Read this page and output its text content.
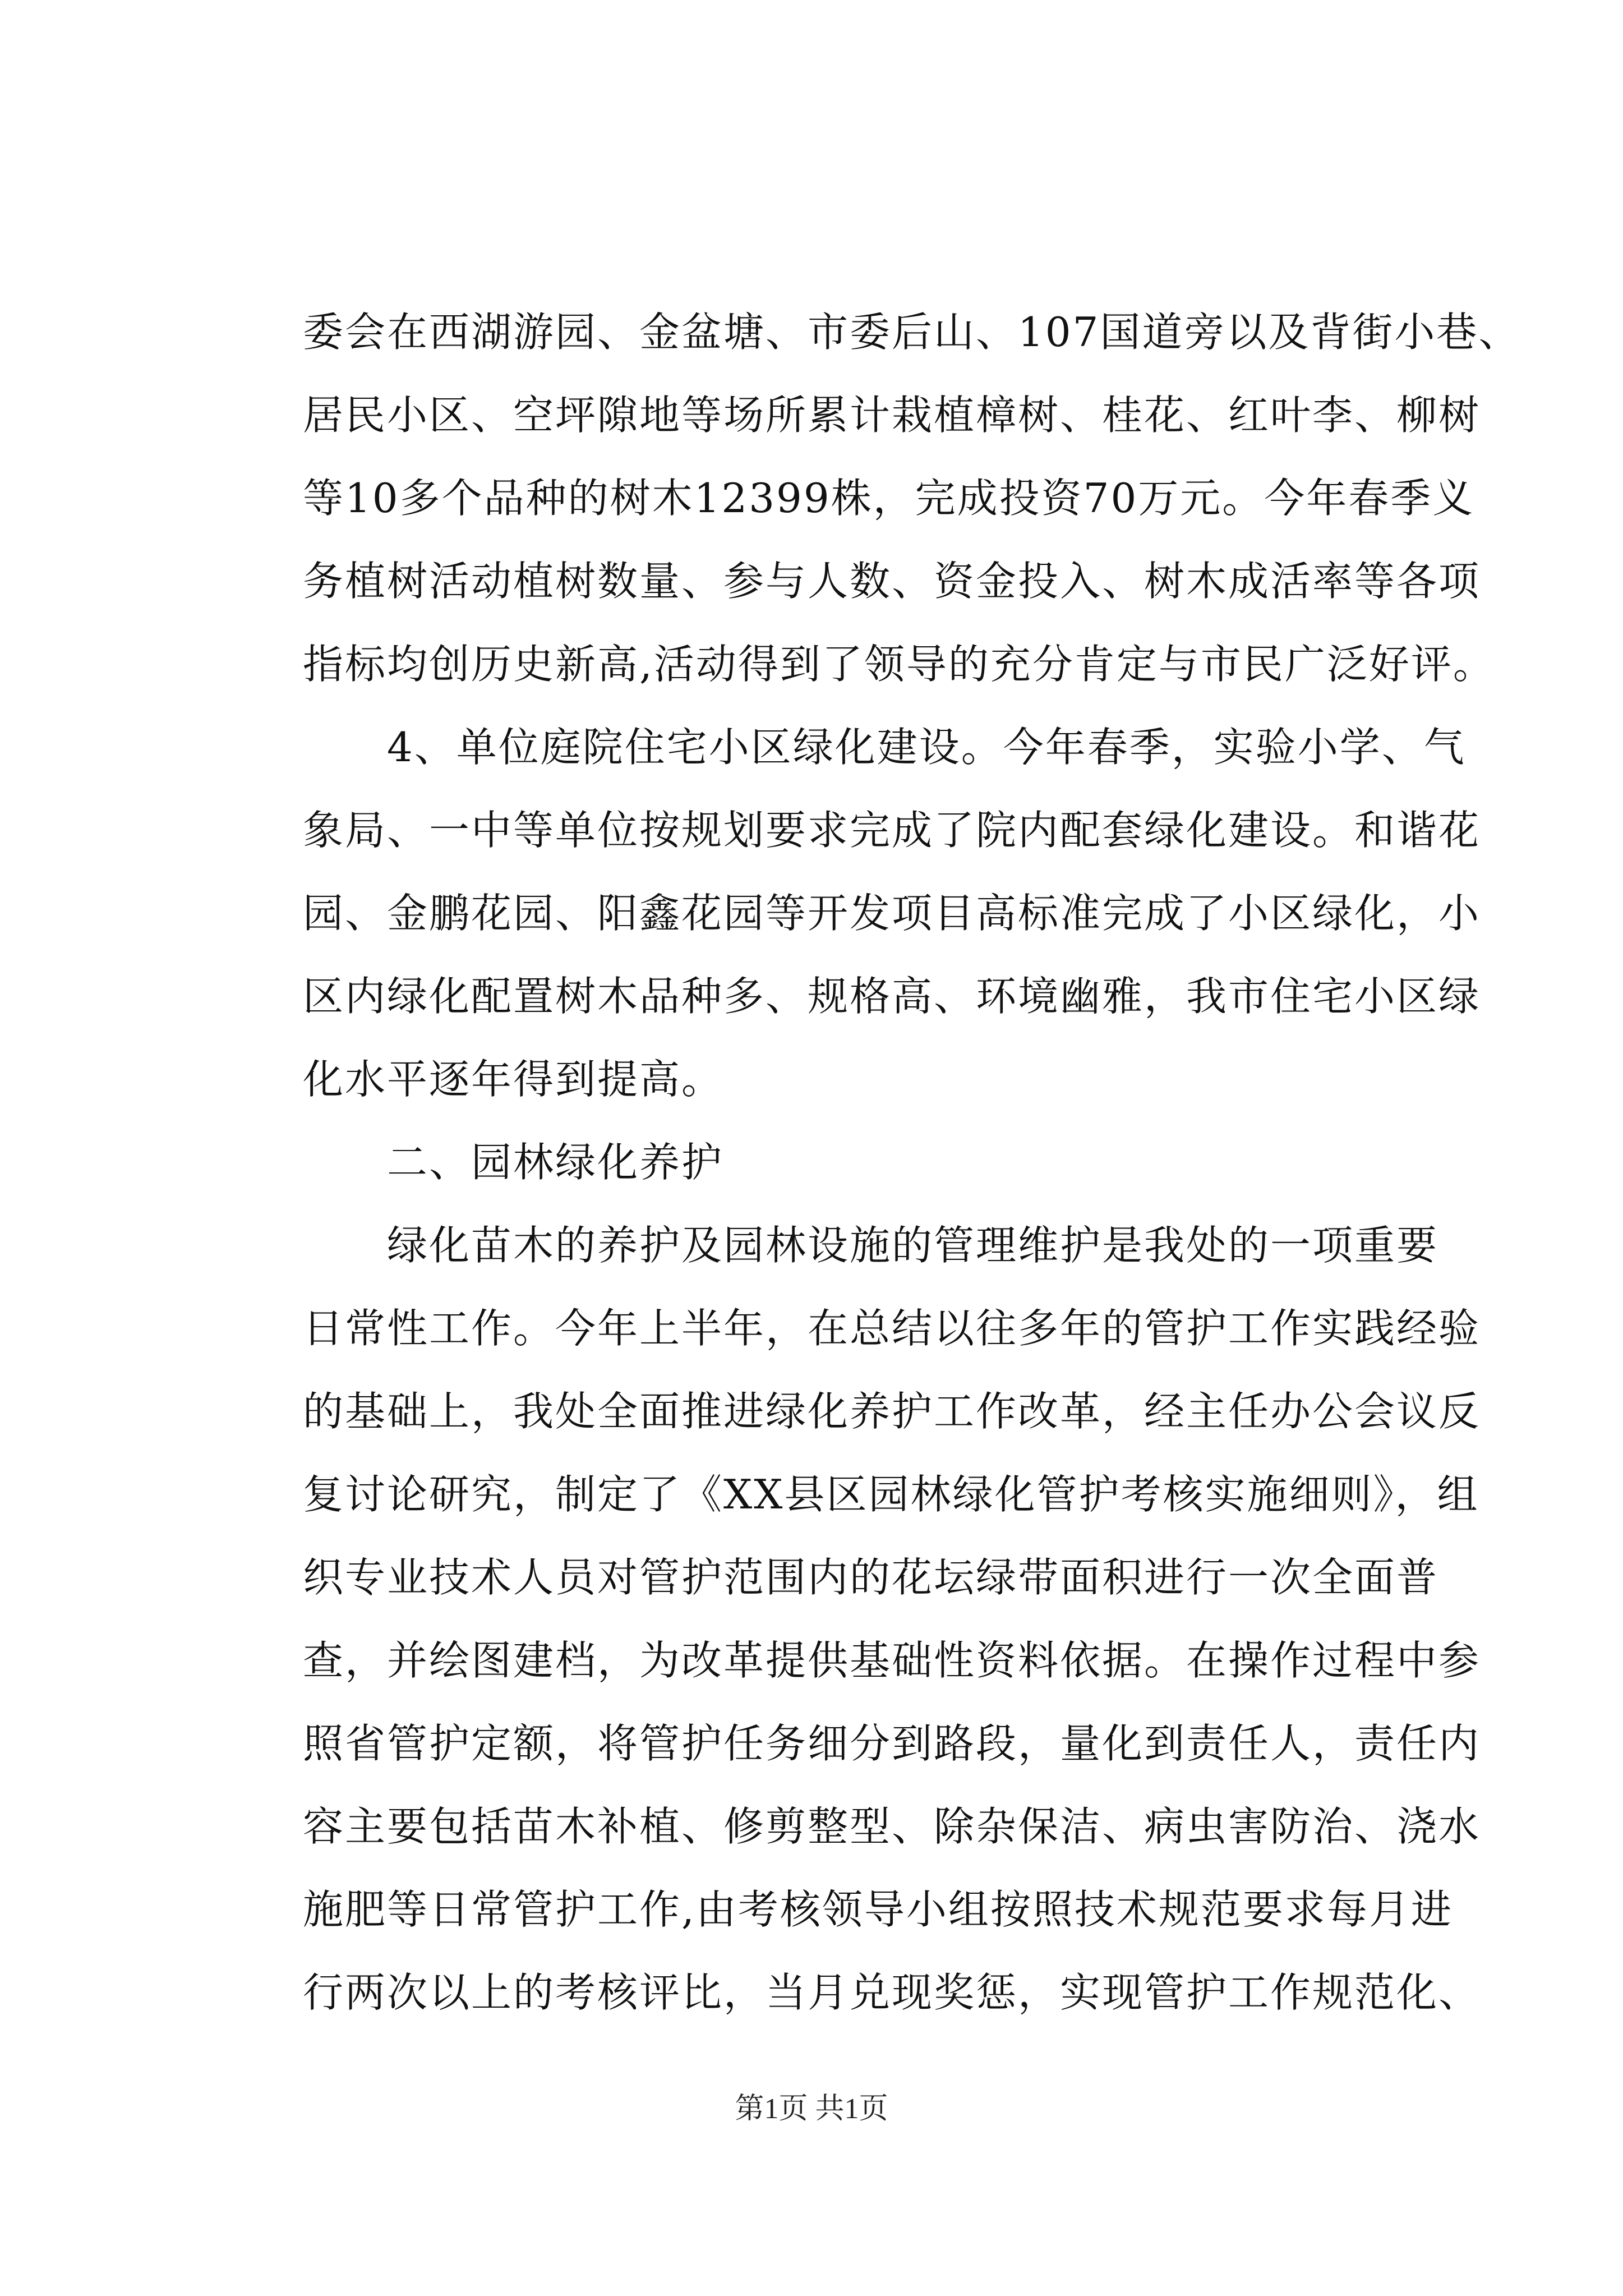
委会在西湖游园、金盆塘、市委后山、107国道旁以及背街小巷、
居民小区、空坪隙地等场所累计栽植樟树、桂花、红叶李、柳树
等10多个品种的树木12399株，完成投资70万元。今年春季义
务植树活动植树数量、参与人数、资金投入、树木成活率等各项
指标均创历史新高,活动得到了领导的充分肯定与市民广泛好评。
4、单位庭院住宅小区绿化建设。今年春季，实验小学、气
象局、一中等单位按规划要求完成了院内配套绿化建设。和谐花
园、金鹏花园、阳鑫花园等开发项目高标准完成了小区绿化，小
区内绿化配置树木品种多、规格高、环境幽雅，我市住宅小区绿
化水平逐年得到提高。
二、园林绿化养护
绿化苗木的养护及园林设施的管理维护是我处的一项重要
日常性工作。今年上半年，在总结以往多年的管护工作实践经验
的基础上，我处全面推进绿化养护工作改革，经主任办公会议反
复讨论研究，制定了《XX县区园林绿化管护考核实施细则》，组
织专业技术人员对管护范围内的花坛绿带面积进行一次全面普
查，并绘图建档，为改革提供基础性资料依据。在操作过程中参
照省管护定额，将管护任务细分到路段，量化到责任人，责任内
容主要包括苗木补植、修剪整型、除杂保洁、病虫害防治、浇水
施肥等日常管护工作,由考核领导小组按照技术规范要求每月进
行两次以上的考核评比，当月兑现奖惩，实现管护工作规范化、
第1页 共1页
